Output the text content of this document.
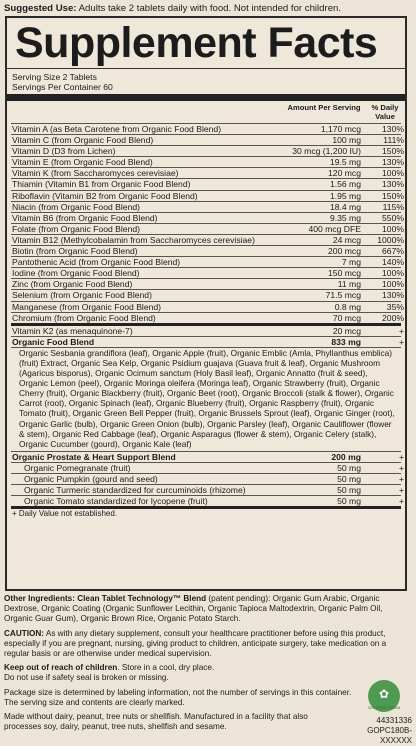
Suggested Use: Adults take 2 tablets daily with food. Not intended for children.
Supplement Facts
Serving Size 2 Tablets
Servings Per Container 60
Amount Per Serving	% Daily Value
Vitamin A (as Beta Carotene from Organic Food Blend)	1,170 mcg	130%
Vitamin C (from Organic Food Blend)	100 mg	111%
Vitamin D (D3 from Lichen)	30 mcg (1,200 IU)	150%
Vitamin E (from Organic Food Blend)	19.5 mg	130%
Vitamin K (from Saccharomyces cerevisiae)	120 mcg	100%
Thiamin (Vitamin B1 from Organic Food Blend)	1.56 mg	130%
Riboflavin (Vitamin B2 from Organic Food Blend)	1.95 mg	150%
Niacin (from Organic Food Blend)	18.4 mg	115%
Vitamin B6 (from Organic Food Blend)	9.35 mg	550%
Folate (from Organic Food Blend)	400 mcg DFE	100%
Vitamin B12 (Methylcobalamin from Saccharomyces cerevisiae)	24 mcg	1000%
Biotin (from Organic Food Blend)	200 mcg	667%
Pantothenic Acid (from Organic Food Blend)	7 mg	140%
Iodine (from Organic Food Blend)	150 mcg	100%
Zinc (from Organic Food Blend)	11 mg	100%
Selenium (from Organic Food Blend)	71.5 mcg	130%
Manganese (from Organic Food Blend)	0.8 mg	35%
Chromium (from Organic Food Blend)	70 mcg	200%
Vitamin K2 (as menaquinone-7)	20 mcg	+
Organic Food Blend	833 mg	+
Organic Sesbania grandiflora (leaf), Organic Apple (fruit), Organic Emblic (Amla, Phyllanthus emblica) (fruit) Extract, Organic Sea Kelp, Organic Psidium guajava (Guava fruit & leaf), Organic Mushroom (Agaricus bisporus), Organic Ocimum sanctum (Holy Basil leaf), Organic Annatto (fruit & seed), Organic Lemon (peel), Organic Moringa oleifera (Moringa leaf), Organic Strawberry (fruit), Organic Cherry (fruit), Organic Blackberry (fruit), Organic Beet (root), Organic Broccoli (stalk & flower), Organic Carrot (root), Organic Spinach (leaf), Organic Blueberry (fruit), Organic Raspberry (fruit), Organic Tomato (fruit), Organic Green Bell Pepper (fruit), Organic Brussels Sprout (leaf), Organic Ginger (root), Organic Garlic (bulb), Organic Green Onion (bulb), Organic Parsley (leaf), Organic Cauliflower (flower & stem), Organic Red Cabbage (leaf), Organic Asparagus (flower & stem), Organic Celery (stalk), Organic Cucumber (gourd), Organic Kale (leaf)
Organic Prostate & Heart Support Blend	200 mg	+
Organic Pomegranate (fruit)	50 mg	+
Organic Pumpkin (gourd and seed)	50 mg	+
Organic Turmeric standardized for curcuminoids (rhizome)	50 mg	+
Organic Tomato standardized for lycopene (fruit)	50 mg	+
+ Daily Value not established.

Other Ingredients: Clean Tablet Technology™ Blend (patent pending): Organic Gum Arabic, Organic Dextrose, Organic Coating (Organic Sunflower Lecithin, Organic Tapioca Maltodextrin, Organic Palm Oil, Organic Guar Gum), Organic Brown Rice, Organic Potato Starch.

CAUTION: As with any dietary supplement, consult your healthcare practitioner before using this product, especially if you are pregnant, nursing, giving product to children, anticipate surgery, take medication on a regular basis or are otherwise under medical supervision.

Keep out of reach of children. Store in a cool, dry place.
Do not use if safety seal is broken or missing.

Package size is determined by labeling information, not the number of servings in this container. The serving size and contents are clearly marked.

Made without dairy, peanut, tree nuts or shellfish. Manufactured in a facility that also processes soy, dairy, peanut, tree nuts, shellfish and sesame.

✿
CERTIFIED VEGAN
44331336
GOPC180B-XXXXXX
